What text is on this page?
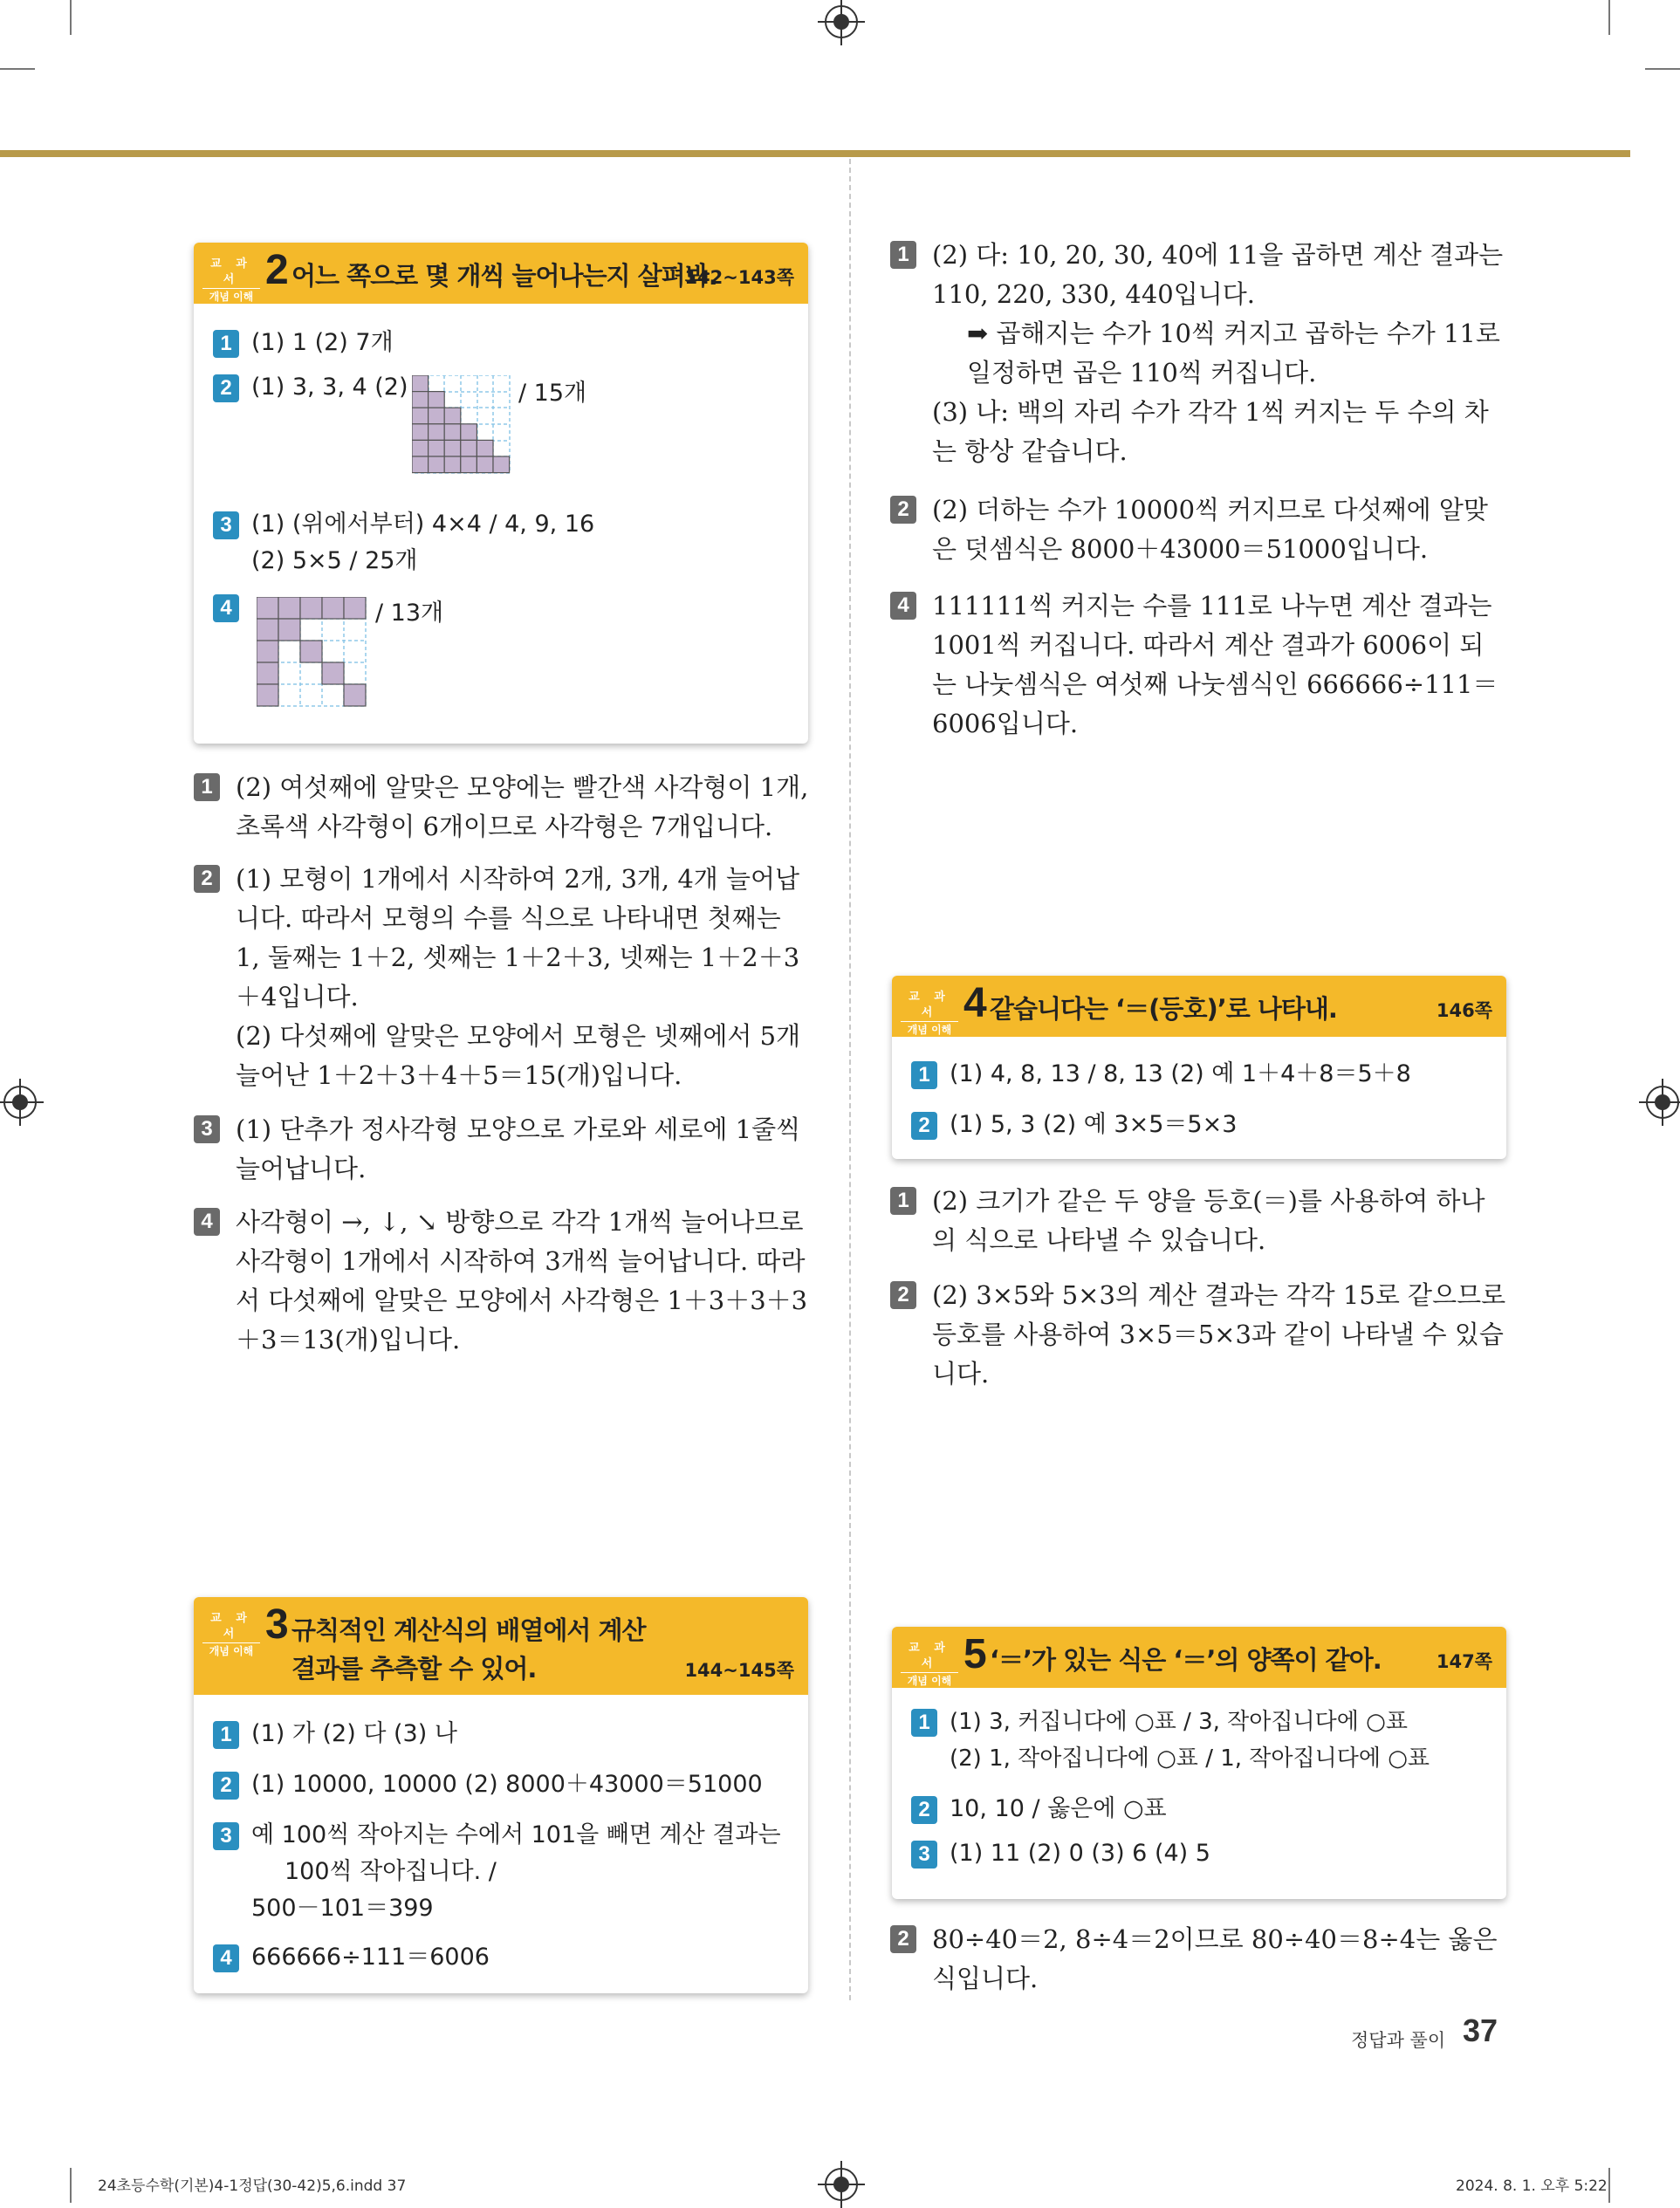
교 과 서
개념 이해
2 어느 쪽으로 몇 개씩 늘어나는지 살펴봐.
142~143쪽
1 (1) 1 (2) 7개
2 (1) 3, 3, 4 (2)	/ 15개
3 (1) (위에서부터) 4×4 / 4, 9, 16
(2) 5×5 / 25개
4	/ 13개
1 (2) 여섯째에 알맞은 모양에는 빨간색 사각형이 1개, 초록색 사각형이 6개이므로 사각형은 7개입니다.
2 (1) 모형이 1개에서 시작하여 2개, 3개, 4개 늘어납니다. 따라서 모형의 수를 식으로 나타내면 첫째는 1, 둘째는 1＋2, 셋째는 1＋2＋3, 넷째는 1＋2＋3＋4입니다.
(2) 다섯째에 알맞은 모양에서 모형은 넷째에서 5개 늘어난 1＋2＋3＋4＋5＝15(개)입니다.
3 (1) 단추가 정사각형 모양으로 가로와 세로에 1줄씩 늘어납니다.
4 사각형이 →, ↓, ↘ 방향으로 각각 1개씩 늘어나므로 사각형이 1개에서 시작하여 3개씩 늘어납니다. 따라서 다섯째에 알맞은 모양에서 사각형은 1＋3＋3＋3＋3＝13(개)입니다.
교 과 서
개념 이해
3 규칙적인 계산식의 배열에서 계산
결과를 추측할 수 있어.	144~145쪽
1 (1) 가 (2) 다 (3) 나
2 (1) 10000, 10000 (2) 8000＋43000＝51000
3 예 100씩 작아지는 수에서 101을 빼면 계산 결과는
100씩 작아집니다. /
500－101＝399
4 666666÷111＝6006
1 (2) 다: 10, 20, 30, 40에 11을 곱하면 계산 결과는 110, 220, 330, 440입니다.
➡ 곱해지는 수가 10씩 커지고 곱하는 수가 11로 일정하면 곱은 110씩 커집니다.
(3) 나: 백의 자리 수가 각각 1씩 커지는 두 수의 차는 항상 같습니다.
2 (2) 더하는 수가 10000씩 커지므로 다섯째에 알맞은 덧셈식은 8000＋43000＝51000입니다.
4 111111씩 커지는 수를 111로 나누면 계산 결과는 1001씩 커집니다. 따라서 계산 결과가 6006이 되는 나눗셈식은 여섯째 나눗셈식인 666666÷111＝6006입니다.
교 과 서
개념 이해
4 같습니다는 ‘＝(등호)’로 나타내.	146쪽
1 (1) 4, 8, 13 / 8, 13 (2) 예 1＋4＋8＝5＋8
2 (1) 5, 3 (2) 예 3×5＝5×3
1 (2) 크기가 같은 두 양을 등호(＝)를 사용하여 하나의 식으로 나타낼 수 있습니다.
2 (2) 3×5와 5×3의 계산 결과는 각각 15로 같으므로 등호를 사용하여 3×5＝5×3과 같이 나타낼 수 있습니다.
교 과 서
개념 이해
5 ‘＝’가 있는 식은 ‘＝’의 양쪽이 같아.	147쪽
1 (1) 3, 커집니다에 ○표 / 3, 작아집니다에 ○표
(2) 1, 작아집니다에 ○표 / 1, 작아집니다에 ○표
2 10, 10 / 옳은에 ○표
3 (1) 11 (2) 0 (3) 6 (4) 5
2 80÷40＝2, 8÷4＝2이므로 80÷40＝8÷4는 옳은 식입니다.
정답과 풀이 37
24초등수학(기본)4-1정답(30-42)5,6.indd 37	2024. 8. 1. 오후 5:22
